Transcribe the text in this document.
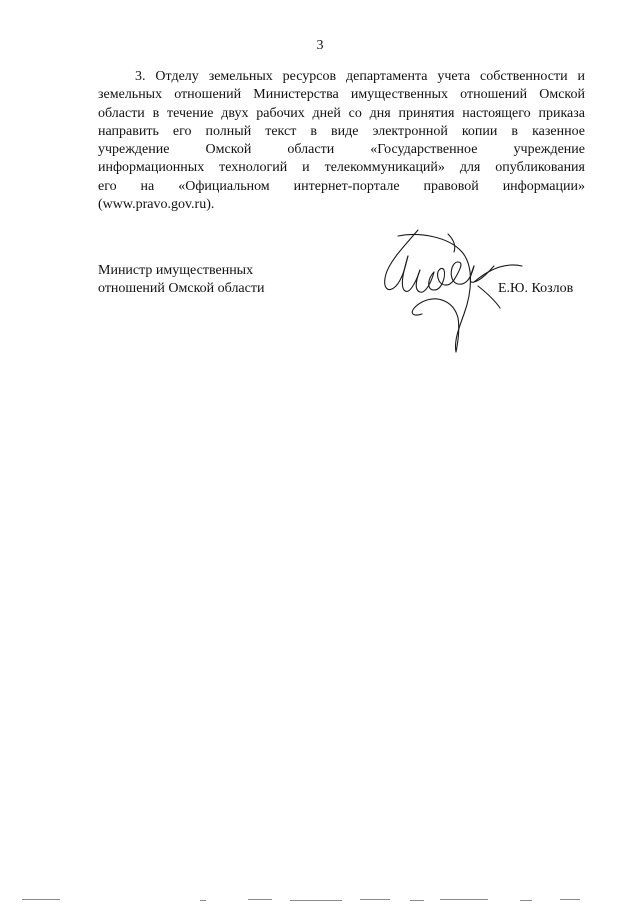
3
3. Отделу земельных ресурсов департамента учета собственности и
земельных отношений Министерства имущественных отношений Омской
области в течение двух рабочих дней со дня принятия настоящего приказа
направить его полный текст в виде электронной копии в казенное
учреждение Омской области «Государственное учреждение
информационных технологий и телекоммуникаций» для опубликования
его на «Официальном интернет-портале правовой информации»
(www.pravo.gov.ru).
Министр имущественных
отношений Омской области	Е.Ю. Козлов
